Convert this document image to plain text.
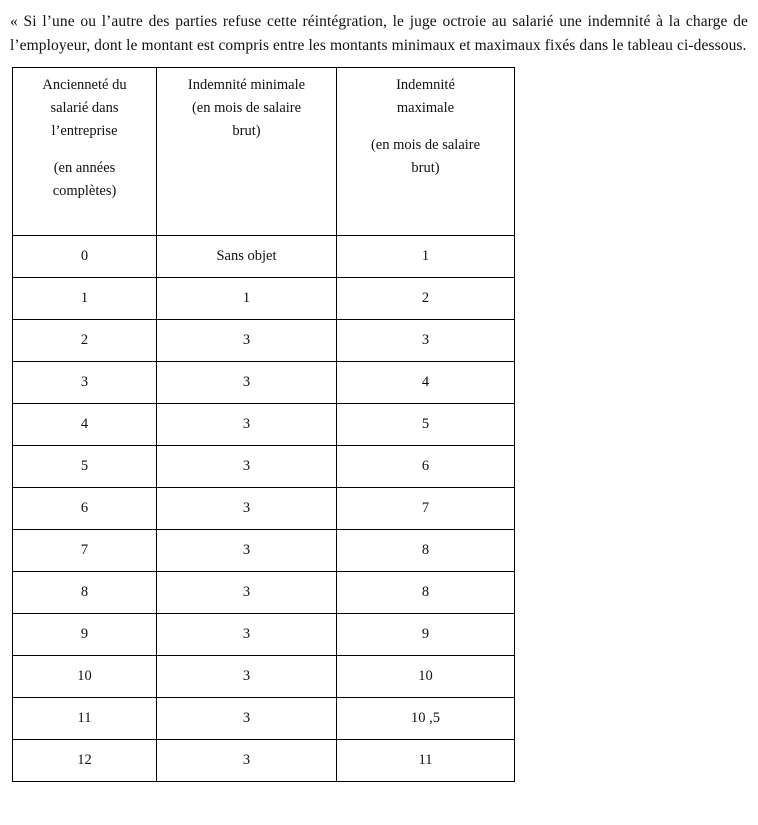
« Si l’une ou l’autre des parties refuse cette réintégration, le juge octroie au salarié une indemnité à la charge de l’employeur, dont le montant est compris entre les montants minimaux et maximaux fixés dans le tableau ci-dessous.

Ancienneté du
salarié dans
l’entreprise
(en années
complètes)	Indemnité minimale
(en mois de salaire
brut)	Indemnité
maximale
(en mois de salaire
brut)

0	Sans objet	1
1	1	2
2	3	3
3	3	4
4	3	5
5	3	6
6	3	7
7	3	8
8	3	8
9	3	9
10	3	10
11	3	10 ,5
12	3	11
